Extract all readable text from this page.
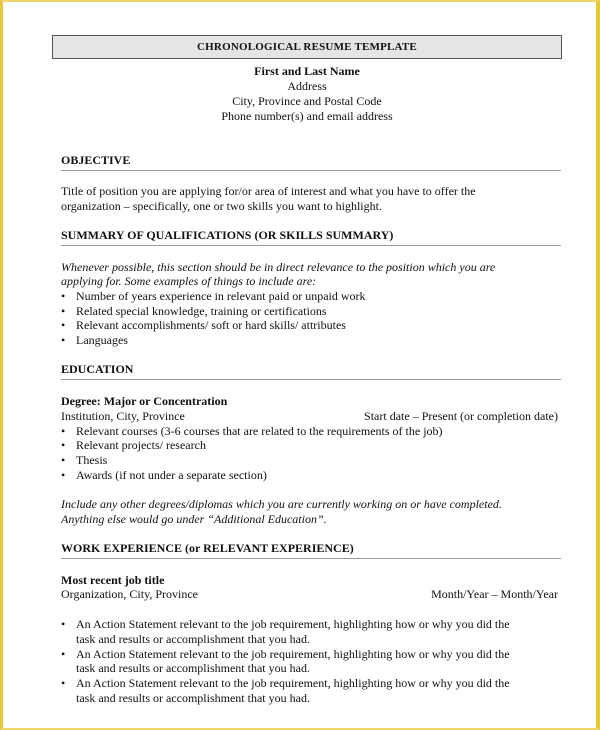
CHRONOLOGICAL RESUME TEMPLATE
First and Last Name
Address
City, Province and Postal Code
Phone number(s) and email address
OBJECTIVE
Title of position you are applying for/or area of interest and what you have to offer the
organization – specifically, one or two skills you want to highlight.
SUMMARY OF QUALIFICATIONS (OR SKILLS SUMMARY)
Whenever possible, this section should be in direct relevance to the position which you are
applying for. Some examples of things to include are:
• Number of years experience in relevant paid or unpaid work
• Related special knowledge, training or certifications
• Relevant accomplishments/ soft or hard skills/ attributes
• Languages
EDUCATION
Degree: Major or Concentration
Institution, City, Province	Start date – Present (or completion date)
• Relevant courses (3-6 courses that are related to the requirements of the job)
• Relevant projects/ research
• Thesis
• Awards (if not under a separate section)
Include any other degrees/diplomas which you are currently working on or have completed.
Anything else would go under “Additional Education”.
WORK EXPERIENCE (or RELEVANT EXPERIENCE)
Most recent job title
Organization, City, Province	Month/Year – Month/Year
• An Action Statement relevant to the job requirement, highlighting how or why you did the
task and results or accomplishment that you had.
• An Action Statement relevant to the job requirement, highlighting how or why you did the
task and results or accomplishment that you had.
• An Action Statement relevant to the job requirement, highlighting how or why you did the
task and results or accomplishment that you had.
